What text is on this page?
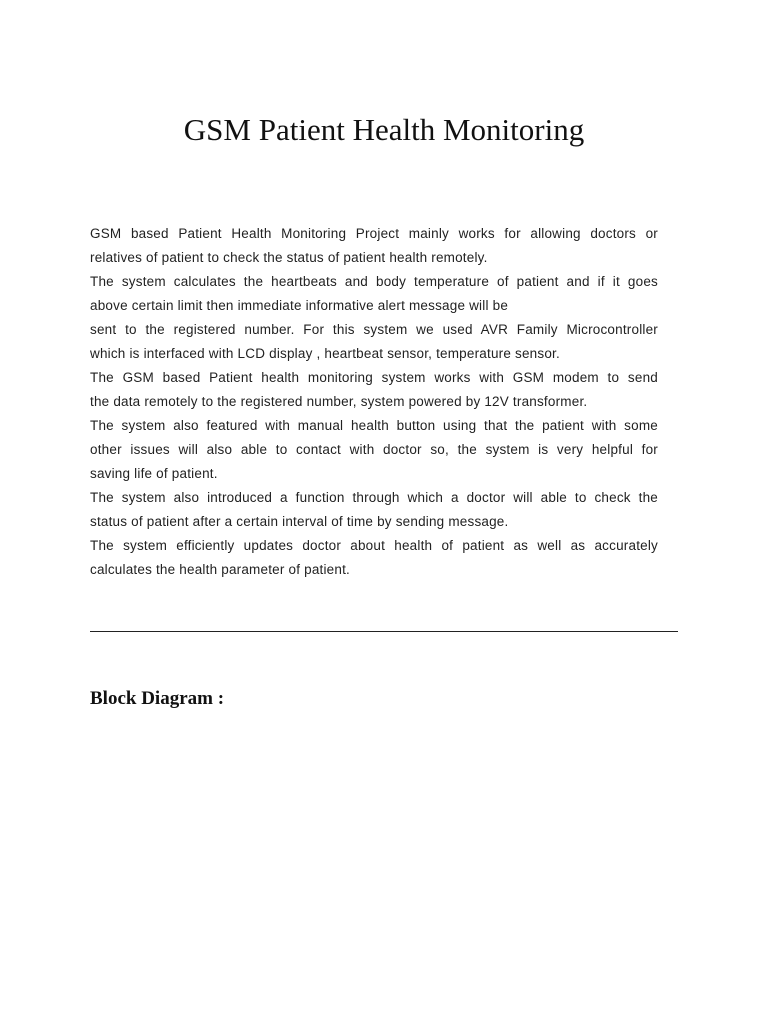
GSM Patient Health Monitoring
GSM based Patient Health Monitoring Project mainly works for allowing doctors or
relatives of patient to check the status of patient health remotely.
The system calculates the heartbeats and body temperature of patient and if it goes
above certain limit then immediate informative alert message will be
sent to the registered number. For this system we used AVR Family Microcontroller
which is interfaced with LCD display , heartbeat sensor, temperature sensor.
The GSM based Patient health monitoring system works with GSM modem to send
the data remotely to the registered number, system powered by 12V transformer.
The system also featured with manual health button using that the patient with some
other issues will also able to contact with doctor so, the system is very helpful for
saving life of patient.
The system also introduced a function through which a doctor will able to check the
status of patient after a certain interval of time by sending message.
The system efficiently updates doctor about health of patient as well as accurately
calculates the health parameter of patient.
Block Diagram :
